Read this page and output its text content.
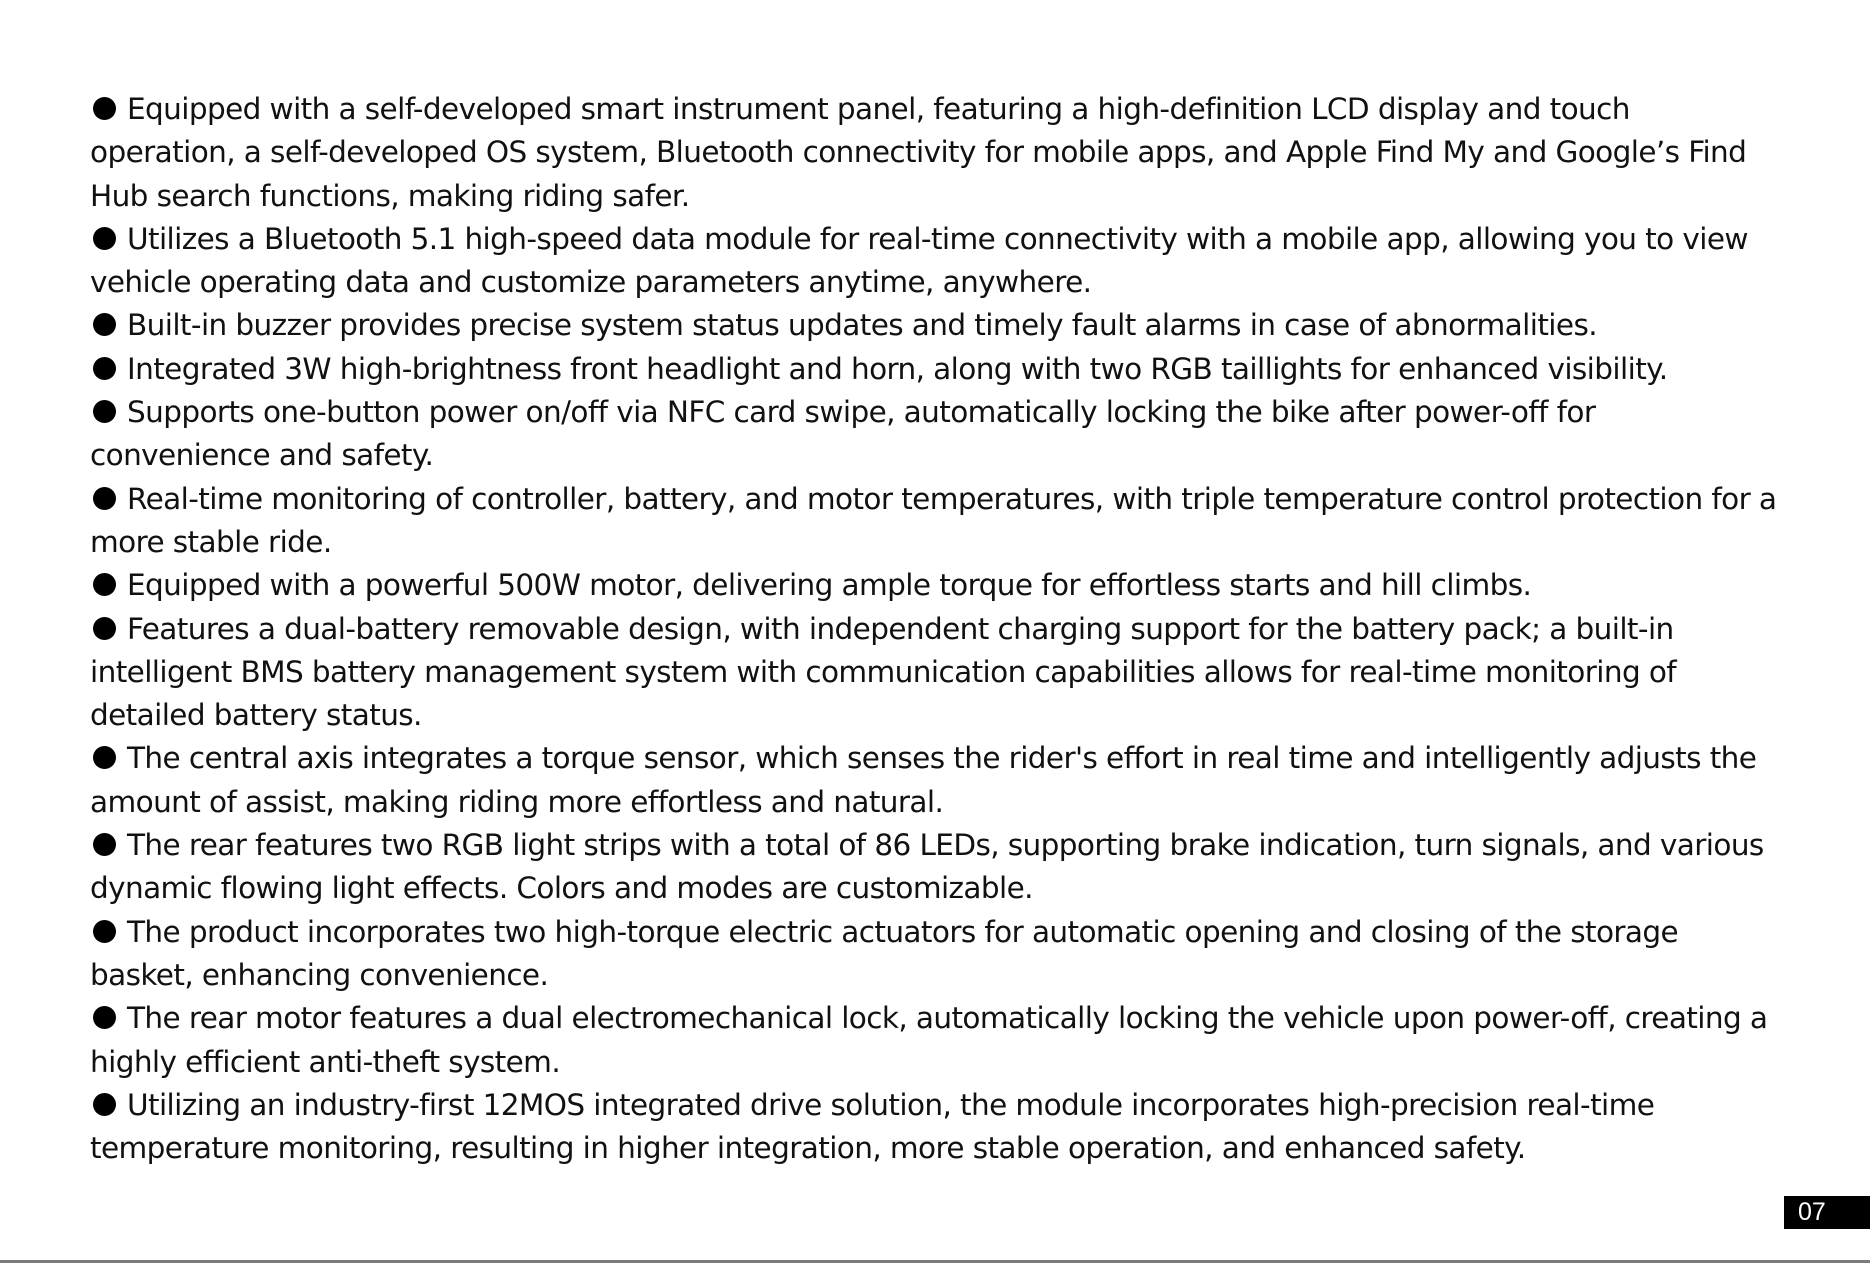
Equipped with a self-developed smart instrument panel, featuring a high-definition LCD display and touch operation, a self-developed OS system, Bluetooth connectivity for mobile apps, and Apple Find My and Google’s Find Hub search functions, making riding safer.
Utilizes a Bluetooth 5.1 high-speed data module for real-time connectivity with a mobile app, allowing you to view vehicle operating data and customize parameters anytime, anywhere.
Built-in buzzer provides precise system status updates and timely fault alarms in case of abnormalities.
Integrated 3W high-brightness front headlight and horn, along with two RGB taillights for enhanced visibility.
Supports one-button power on/off via NFC card swipe, automatically locking the bike after power-off for convenience and safety.
Real-time monitoring of controller, battery, and motor temperatures, with triple temperature control protection for a more stable ride.
Equipped with a powerful 500W motor, delivering ample torque for effortless starts and hill climbs.
Features a dual-battery removable design, with independent charging support for the battery pack; a built-in intelligent BMS battery management system with communication capabilities allows for real-time monitoring of detailed battery status.
The central axis integrates a torque sensor, which senses the rider's effort in real time and intelligently adjusts the amount of assist, making riding more effortless and natural.
The rear features two RGB light strips with a total of 86 LEDs, supporting brake indication, turn signals, and various dynamic flowing light effects. Colors and modes are customizable.
The product incorporates two high-torque electric actuators for automatic opening and closing of the storage basket, enhancing convenience.
The rear motor features a dual electromechanical lock, automatically locking the vehicle upon power-off, creating a highly efficient anti-theft system.
Utilizing an industry-first 12MOS integrated drive solution, the module incorporates high-precision real-time temperature monitoring, resulting in higher integration, more stable operation, and enhanced safety.
07
